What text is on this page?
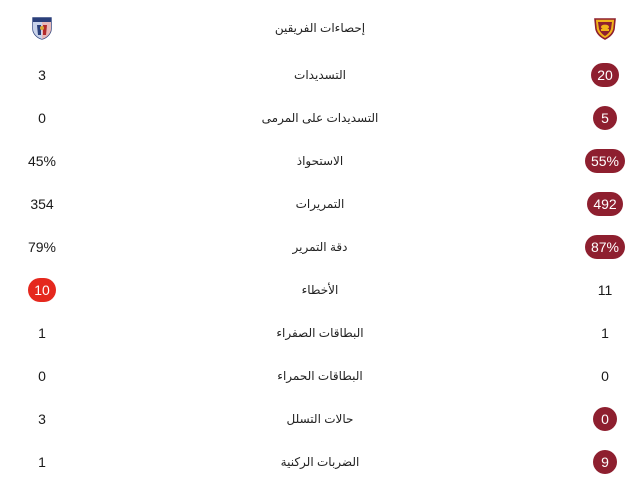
إحصاءات الفريقين
3	التسديدات	20
0	التسديدات على المرمى	5
45%	الاستحواذ	55%
354	التمريرات	492
79%	دقة التمرير	87%
10	الأخطاء	11
1	البطاقات الصفراء	1
0	البطاقات الحمراء	0
3	حالات التسلل	0
1	الضربات الركنية	9
